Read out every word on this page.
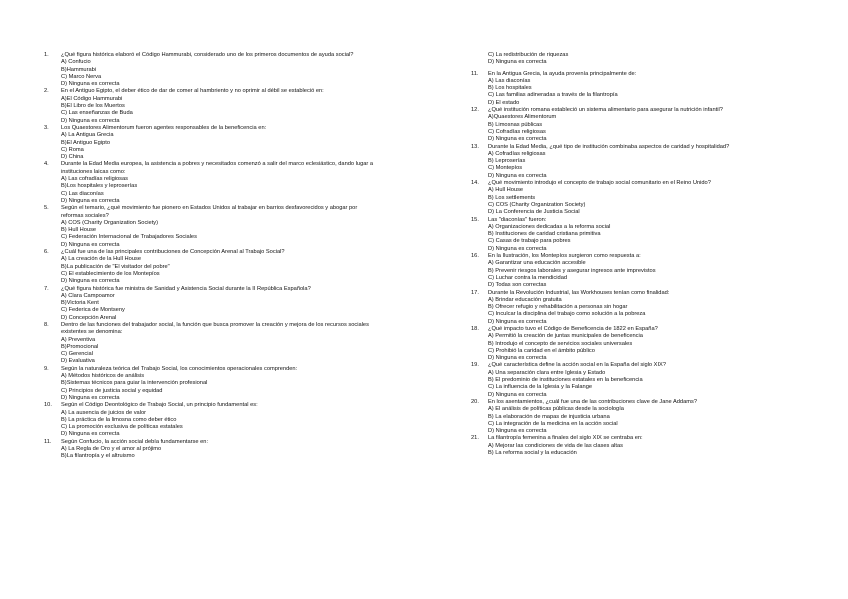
1.	¿Qué figura histórica elaboró el Código Hammurabi, considerado uno de los primeros documentos de ayuda social?
A) Confucio
B)Hammurabi
C) Marco Nerva
D) Ninguna es correcta
2.	En el Antiguo Egipto, el deber ético de dar de comer al hambriento y no oprimir al débil se estableció en:
A)El Código Hammurabi
B)El Libro de los Muertos
C) Las enseñanzas de Buda
D) Ninguna es correcta
3.	Los Quaestores Alimentorum fueron agentes responsables de la beneficencia en:
A) La Antigua Grecia
B)El Antiguo Egipto
C) Roma
D) China
4.	Durante la Edad Media europea, la asistencia a pobres y necesitados comenzó a salir del marco eclesiástico, dando lugar a instituciones laicas como:
A) Las cofradías religiosas
B)Los hospitales y leproserías
C) Las diaconías
D) Ninguna es correcta
5.	Según el temario, ¿qué movimiento fue pionero en Estados Unidos al trabajar en barrios desfavorecidos y abogar por reformas sociales?
A) COS (Charity Organization Society)
B) Hull House
C) Federación Internacional de Trabajadores Sociales
D) Ninguna es correcta
6.	¿Cuál fue una de las principales contribuciones de Concepción Arenal al Trabajo Social?
A) La creación de la Hull House
B)La publicación de "El visitador del pobre"
C) El establecimiento de los Montepíos
D) Ninguna es correcta
7.	¿Qué figura histórica fue ministra de Sanidad y Asistencia Social durante la II República Española?
A) Clara Campoamor
B)Victoria Kent
C) Federica de Montseny
D) Concepción Arenal
8.	Dentro de las funciones del trabajador social, la función que busca promover la creación y mejora de los recursos sociales existentes se denomina:
A) Preventiva
B)Promocional
C) Gerencial
D) Evaluativa
9.	Según la naturaleza teórica del Trabajo Social, los conocimientos operacionales comprenden:
A) Métodos históricos de análisis
B)Sistemas técnicos para guiar la intervención profesional
C) Principios de justicia social y equidad
D) Ninguna es correcta
10.	Según el Código Deontológico de Trabajo Social, un principio fundamental es:
A) La ausencia de juicios de valor
B) La práctica de la limosna como deber ético
C) La promoción exclusiva de políticas estatales
D) Ninguna es correcta
11.	Según Confucio, la acción social debía fundamentarse en:
A) La Regla de Oro y el amor al prójimo
B)La filantropía y el altruismo
C) La redistribución de riquezas
D) Ninguna es correcta
11.	En la Antigua Grecia, la ayuda provenía principalmente de:
A) Las diaconías
B) Los hospitales
C) Las familias adineradas a través de la filantropía
D) El estado
12.	¿Qué institución romana estableció un sistema alimentario para asegurar la nutrición infantil?
A)Quaestores Alimentorum
B) Limosnas públicas
C) Cofradías religiosas
D) Ninguna es correcta
13.	Durante la Edad Media, ¿qué tipo de institución combinaba aspectos de caridad y hospitalidad?
A) Cofradías religiosas
B) Leproserías
C) Montepíos
D) Ninguna es correcta
14.	¿Qué movimiento introdujo el concepto de trabajo social comunitario en el Reino Unido?
A) Hull House
B) Los settlements
C) COS (Charity Organization Society)
D) La Conferencia de Justicia Social
15.	Las "diaconías" fueron:
A) Organizaciones dedicadas a la reforma social
B) Instituciones de caridad cristiana primitiva
C) Casas de trabajo para pobres
D) Ninguna es correcta
16.	En la Ilustración, los Montepíos surgieron como respuesta a:
A) Garantizar una educación accesible
B) Prevenir riesgos laborales y asegurar ingresos ante imprevistos
C) Luchar contra la mendicidad
D) Todas son correctas
17.	Durante la Revolución Industrial, las Workhouses tenían como finalidad:
A) Brindar educación gratuita
B) Ofrecer refugio y rehabilitación a personas sin hogar
C) Inculcar la disciplina del trabajo como solución a la pobreza
D) Ninguna es correcta
18.	¿Qué impacto tuvo el Código de Beneficencia de 1822 en España?
A) Permitió la creación de juntas municipales de beneficencia
B) Introdujo el concepto de servicios sociales universales
C) Prohibió la caridad en el ámbito público
D) Ninguna es correcta
19.	¿Qué característica define la acción social en la España del siglo XIX?
A) Una separación clara entre Iglesia y Estado
B) El predominio de instituciones estatales en la beneficencia
C) La influencia de la Iglesia y la Falange
D) Ninguna es correcta
20.	En los asentamientos, ¿cuál fue una de las contribuciones clave de Jane Addams?
A) El análisis de políticas públicas desde la sociología
B) La elaboración de mapas de injusticia urbana
C) La integración de la medicina en la acción social
D) Ninguna es correcta
21.	La filantropía femenina a finales del siglo XIX se centraba en:
A) Mejorar las condiciones de vida de las clases altas
B) La reforma social y la educación
